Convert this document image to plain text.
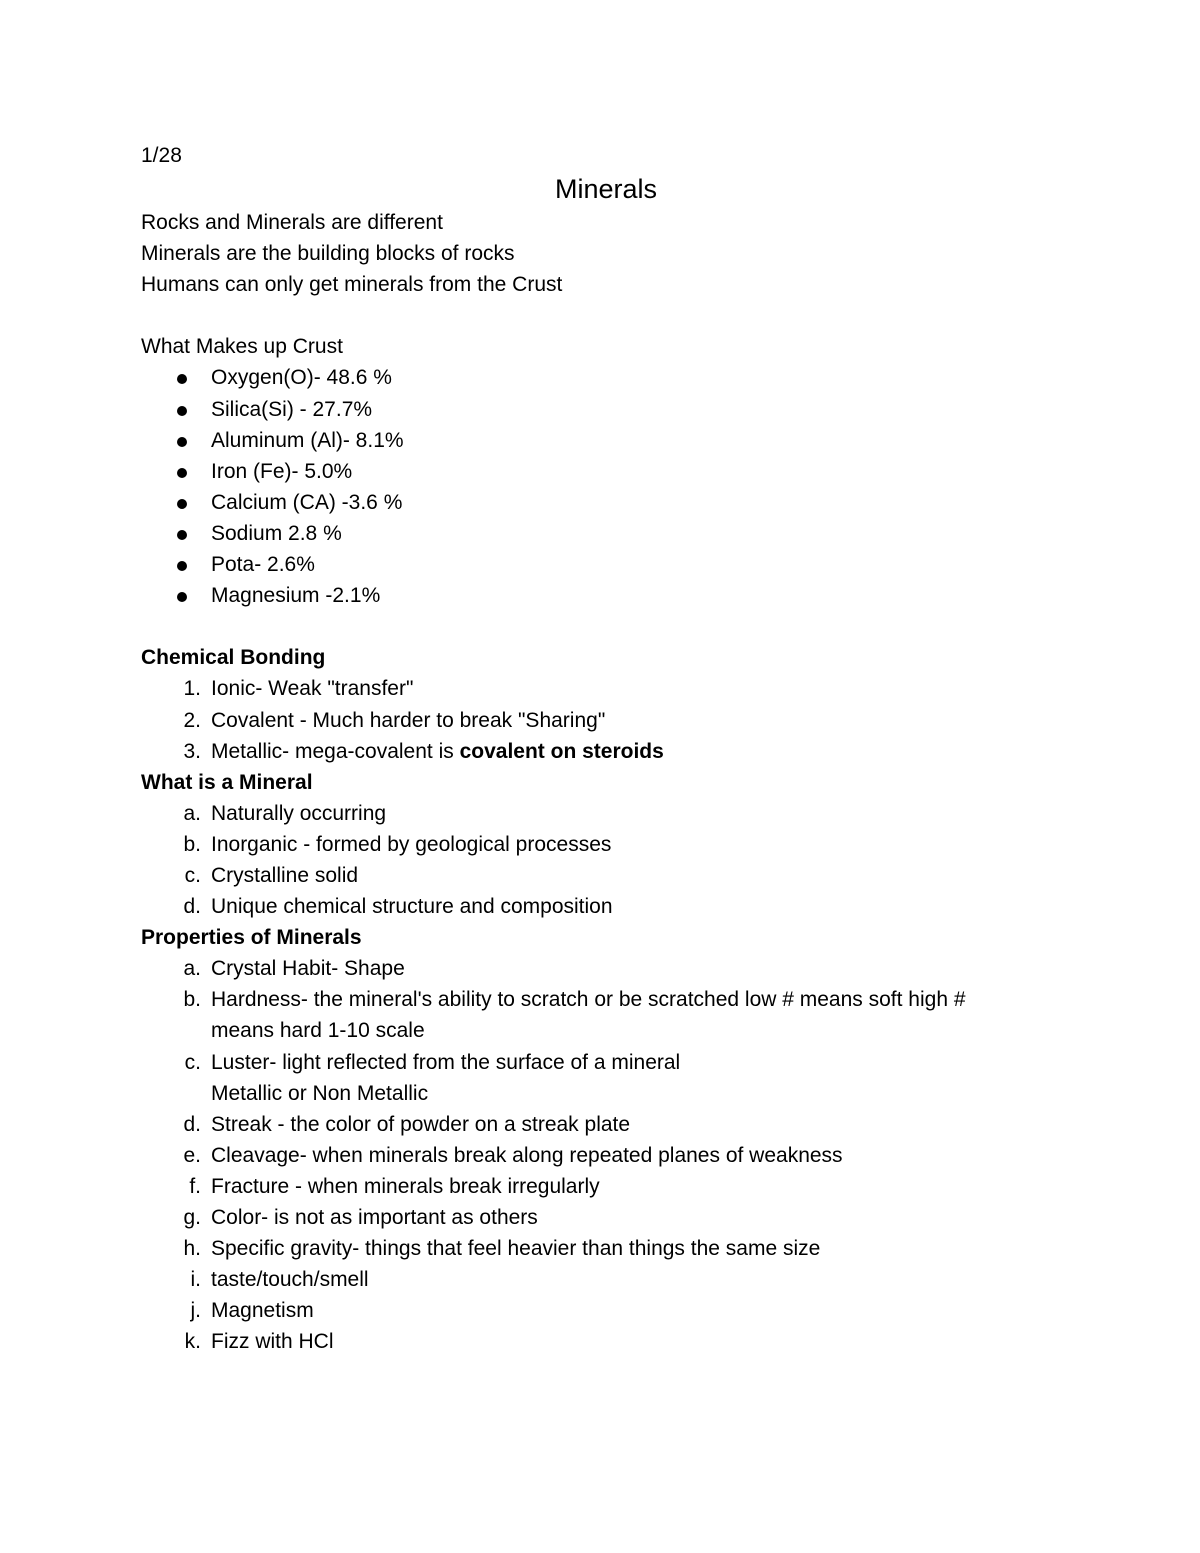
1/28
Minerals
Rocks and Minerals are different
Minerals are the building blocks of rocks
Humans can only get minerals from the Crust
What Makes up Crust
Oxygen(O)- 48.6 %
Silica(Si) - 27.7%
Aluminum (Al)- 8.1%
Iron (Fe)- 5.0%
Calcium (CA) -3.6 %
Sodium 2.8 %
Pota- 2.6%
Magnesium -2.1%
Chemical Bonding
1. Ionic- Weak "transfer"
2. Covalent - Much harder to break "Sharing"
3. Metallic- mega-covalent is covalent on steroids
What is a Mineral
a. Naturally occurring
b. Inorganic - formed by geological processes
c. Crystalline solid
d. Unique chemical structure and composition
Properties of Minerals
a. Crystal Habit- Shape
b. Hardness- the mineral's ability to scratch or be scratched low # means soft high #
means hard 1-10 scale
c. Luster- light reflected from the surface of a mineral
Metallic or Non Metallic
d. Streak - the color of powder on a streak plate
e. Cleavage- when minerals break along repeated planes of weakness
f. Fracture - when minerals break irregularly
g. Color- is not as important as others
h. Specific gravity- things that feel heavier than things the same size
i. taste/touch/smell
j. Magnetism
k. Fizz with HCl
